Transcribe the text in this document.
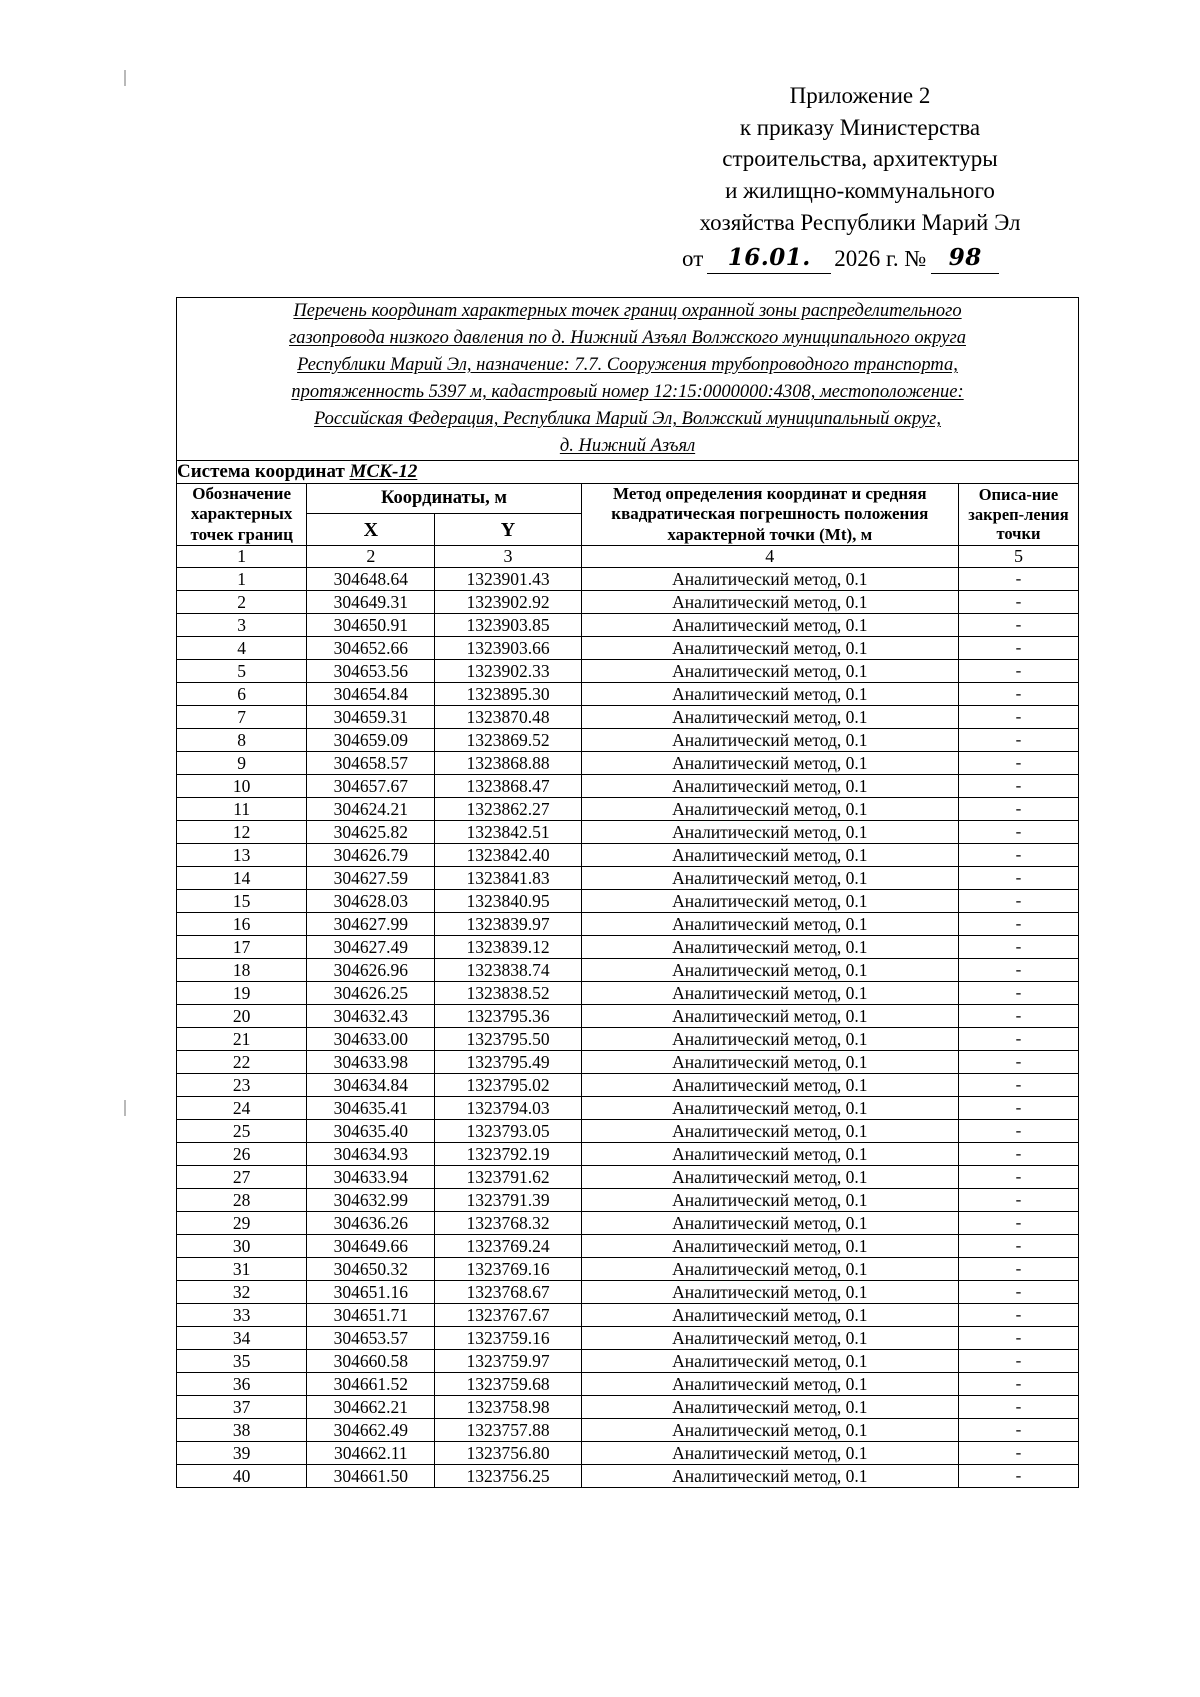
Приложение 2
к приказу Министерства
строительства, архитектуры
и жилищно-коммунального
хозяйства Республики Марий Эл
от	16.01.	2026 г. № 98

Перечень координат характерных точек границ охранной зоны распределительного

газопровода низкого давления по д. Нижний Азъял Волжского муниципального округа

Республики Марий Эл, назначение: 7.7. Сооружения трубопроводного транспорта,

протяженность 5397 м, кадастровый номер 12:15:0000000:4308, местоположение:

Российская Федерация, Республика Марий Эл, Волжский муниципальный округ,

д. Нижний Азъял

Система координат МСК-12				
Обозначение характерных точек границ	Координаты, м		Метод определения координат и средняя квадратическая погрешность положения характерной точки (Mt), м	Описа-ние закреп-ления точки
	X	Y		
1	2	3	4	5
1	304648.64	1323901.43	Аналитический метод, 0.1	-
2	304649.31	1323902.92	Аналитический метод, 0.1	-
3	304650.91	1323903.85	Аналитический метод, 0.1	-
4	304652.66	1323903.66	Аналитический метод, 0.1	-
5	304653.56	1323902.33	Аналитический метод, 0.1	-
6	304654.84	1323895.30	Аналитический метод, 0.1	-
7	304659.31	1323870.48	Аналитический метод, 0.1	-
8	304659.09	1323869.52	Аналитический метод, 0.1	-
9	304658.57	1323868.88	Аналитический метод, 0.1	-
10	304657.67	1323868.47	Аналитический метод, 0.1	-
11	304624.21	1323862.27	Аналитический метод, 0.1	-
12	304625.82	1323842.51	Аналитический метод, 0.1	-
13	304626.79	1323842.40	Аналитический метод, 0.1	-
14	304627.59	1323841.83	Аналитический метод, 0.1	-
15	304628.03	1323840.95	Аналитический метод, 0.1	-
16	304627.99	1323839.97	Аналитический метод, 0.1	-
17	304627.49	1323839.12	Аналитический метод, 0.1	-
18	304626.96	1323838.74	Аналитический метод, 0.1	-
19	304626.25	1323838.52	Аналитический метод, 0.1	-
20	304632.43	1323795.36	Аналитический метод, 0.1	-
21	304633.00	1323795.50	Аналитический метод, 0.1	-
22	304633.98	1323795.49	Аналитический метод, 0.1	-
23	304634.84	1323795.02	Аналитический метод, 0.1	-
24	304635.41	1323794.03	Аналитический метод, 0.1	-
25	304635.40	1323793.05	Аналитический метод, 0.1	-
26	304634.93	1323792.19	Аналитический метод, 0.1	-
27	304633.94	1323791.62	Аналитический метод, 0.1	-
28	304632.99	1323791.39	Аналитический метод, 0.1	-
29	304636.26	1323768.32	Аналитический метод, 0.1	-
30	304649.66	1323769.24	Аналитический метод, 0.1	-
31	304650.32	1323769.16	Аналитический метод, 0.1	-
32	304651.16	1323768.67	Аналитический метод, 0.1	-
33	304651.71	1323767.67	Аналитический метод, 0.1	-
34	304653.57	1323759.16	Аналитический метод, 0.1	-
35	304660.58	1323759.97	Аналитический метод, 0.1	-
36	304661.52	1323759.68	Аналитический метод, 0.1	-
37	304662.21	1323758.98	Аналитический метод, 0.1	-
38	304662.49	1323757.88	Аналитический метод, 0.1	-
39	304662.11	1323756.80	Аналитический метод, 0.1	-
40	304661.50	1323756.25	Аналитический метод, 0.1	-
